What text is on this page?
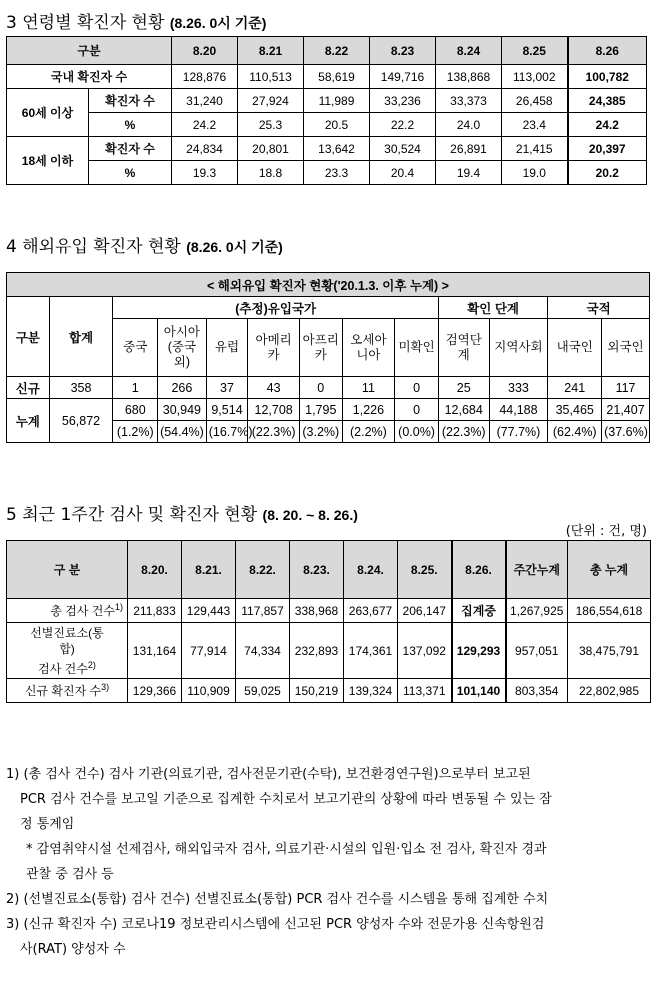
3 연령별 확진자 현황 (8.26. 0시 기준)
구분		8.20	8.21	8.22	8.23	8.24	8.25	8.26
국내 확진자 수		128,876	110,513	58,619	149,716	138,868	113,002	100,782
60세 이상	확진자 수	31,240	27,924	11,989	33,236	33,373	26,458	24,385
	%	24.2	25.3	20.5	22.2	24.0	23.4	24.2
18세 이하	확진자 수	24,834	20,801	13,642	30,524	26,891	21,415	20,397
	%	19.3	18.8	23.3	20.4	19.4	19.0	20.2
4 해외유입 확진자 현황 (8.26. 0시 기준)
< 해외유입 확진자 현황('20.1.3. 이후 누계) >												
구분	합계	(추정)유입국가							확인 단계		국적	
		중국	아시아(중국외)	유럽	아메리카	아프리카	오세아니아	미확인	검역단계	지역사회	내국인	외국인
신규	358	1	266	37	43	0	11	0	25	333	241	117
누계	56,872	680	30,949	9,514	12,708	1,795	1,226	0	12,684	44,188	35,465	21,407
		(1.2%)	(54.4%)	(16.7%)	(22.3%)	(3.2%)	(2.2%)	(0.0%)	(22.3%)	(77.7%)	(62.4%)	(37.6%)
5 최근 1주간 검사 및 확진자 현황 (8. 20. ~ 8. 26.)
(단위 : 건, 명)
구 분	8.20.	8.21.	8.22.	8.23.	8.24.	8.25.	8.26.	주간누계	총 누계
총 검사 건수$^{1)}$	211,833	129,443	117,857	338,968	263,677	206,147	집계중	1,267,925	186,554,618

선별진료소(통
합)
검사 건수$^{2)}$	131,164	77,914	74,334	232,893	174,361	137,092	129,293	957,051	38,475,791
신규 확진자 수$^{3)}$	129,366	110,909	59,025	150,219	139,324	113,371	101,140	803,354	22,802,985

1) (총 검사 건수) 검사 기관(의료기관, 검사전문기관(수탁), 보건환경연구원)으로부터 보고된

PCR 검사 건수를 보고일 기준으로 집계한 수치로서 보고기관의 상황에 따라 변동될 수 있는 잠

정 통계임

* 감염취약시설 선제검사, 해외입국자 검사, 의료기관·시설의 입원·입소 전 검사, 확진자 경과

관찰 중 검사 등

2) (선별진료소(통합) 검사 건수) 선별진료소(통합) PCR 검사 건수를 시스템을 통해 집계한 수치

3) (신규 확진자 수) 코로나19 정보관리시스템에 신고된 PCR 양성자 수와 전문가용 신속항원검

사(RAT) 양성자 수
